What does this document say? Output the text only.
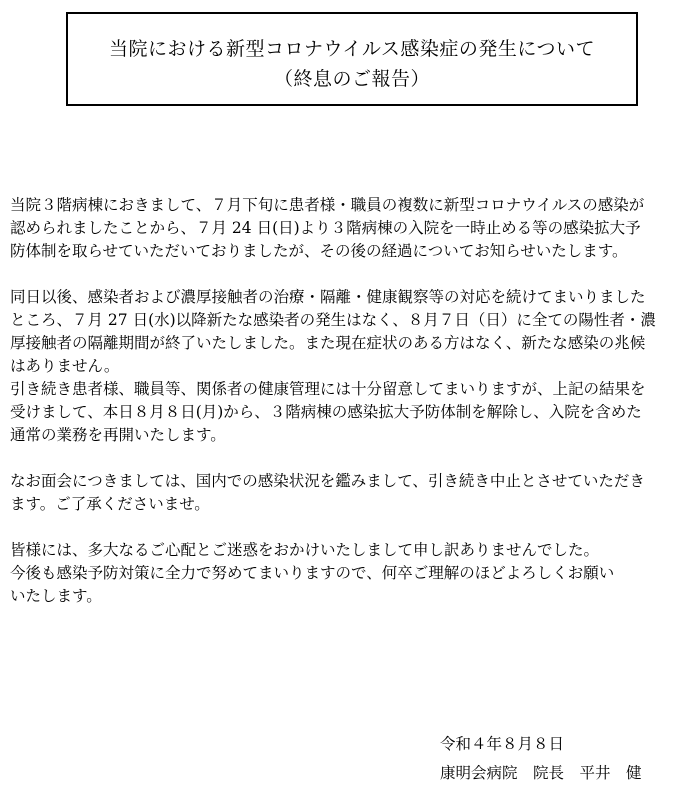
当院における新型コロナウイルス感染症の発生について
（終息のご報告）
当院３階病棟におきまして、７月下旬に患者様・職員の複数に新型コロナウイルスの感染が
認められましたことから、７月 24 日(日)より３階病棟の入院を一時止める等の感染拡大予
防体制を取らせていただいておりましたが、その後の経過についてお知らせいたします。
同日以後、感染者および濃厚接触者の治療・隔離・健康観察等の対応を続けてまいりました
ところ、７月 27 日(水)以降新たな感染者の発生はなく、８月７日（日）に全ての陽性者・濃
厚接触者の隔離期間が終了いたしました。また現在症状のある方はなく、新たな感染の兆候
はありません。
引き続き患者様、職員等、関係者の健康管理には十分留意してまいりますが、上記の結果を
受けまして、本日８月８日(月)から、３階病棟の感染拡大予防体制を解除し、入院を含めた
通常の業務を再開いたします。
なお面会につきましては、国内での感染状況を鑑みまして、引き続き中止とさせていただき
ます。ご了承くださいませ。
皆様には、多大なるご心配とご迷惑をおかけいたしまして申し訳ありませんでした。
今後も感染予防対策に全力で努めてまいりますので、何卒ご理解のほどよろしくお願い
いたします。
令和４年８月８日
康明会病院　院長　平井　健
